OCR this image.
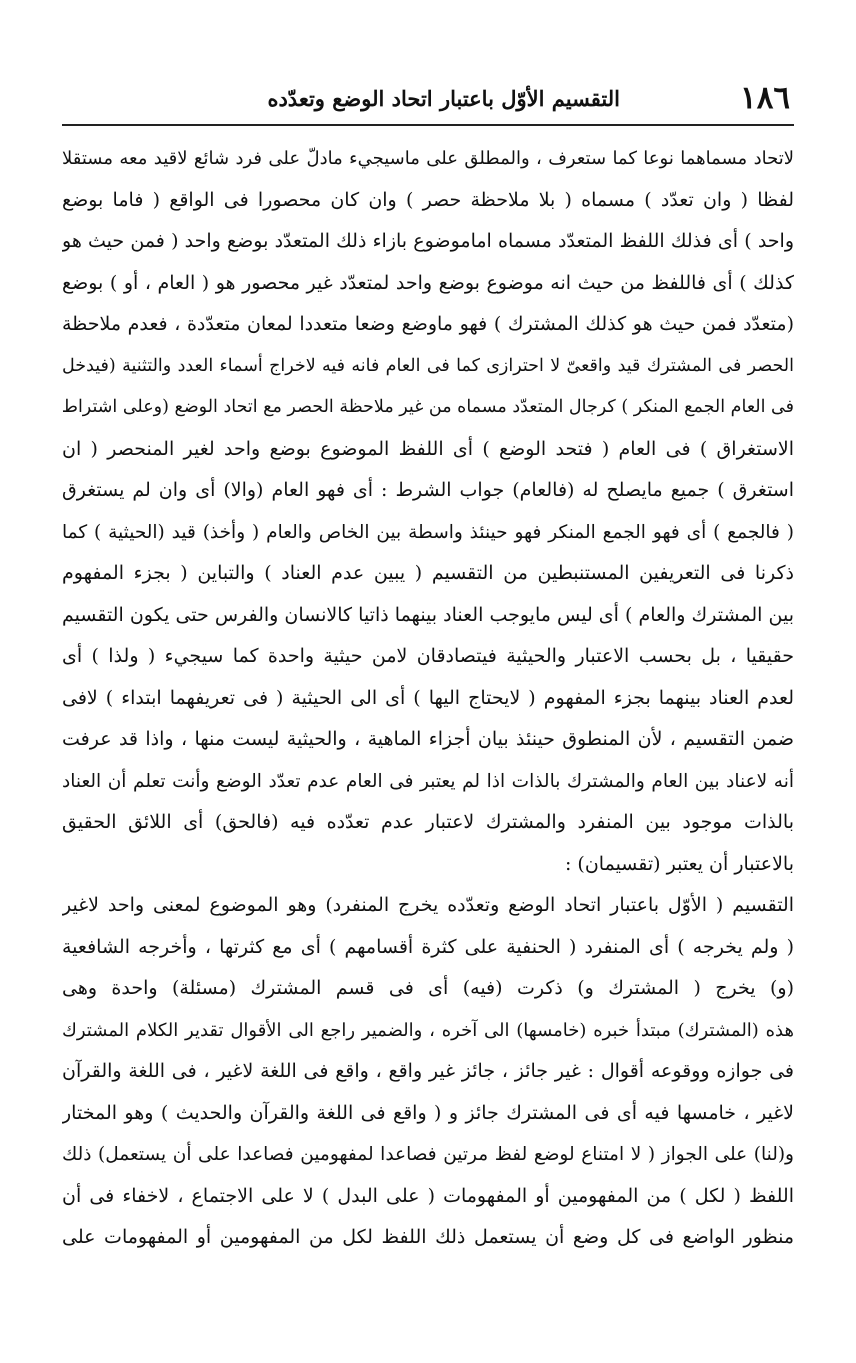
١٨٦
التقسيم الأوّل باعتبار اتحاد الوضع وتعدّده
لاتحاد مسماهما نوعا كما ستعرف ، والمطلق على ماسيجيء مادلّ على فرد شائع لاقيد معه مستقلا
لفظا ( وان تعدّد ) مسماه ( بلا ملاحظة حصر ) وان كان محصورا فى الواقع ( فاما بوضع
واحد ) أى فذلك اللفظ المتعدّد مسماه اماموضوع بازاء ذلك المتعدّد بوضع واحد ( فمن حيث هو
كذلك ) أى فاللفظ من حيث انه موضوع بوضع واحد لمتعدّد غير محصور هو ( العام ، أو ) بوضع
(متعدّد فمن حيث هو كذلك المشترك ) فهو ماوضع وضعا متعددا لمعان متعدّدة ، فعدم ملاحظة
الحصر فى المشترك قيد واقعىّ لا احترازى كما فى العام فانه فيه لاخراج أسماء العدد والتثنية (فيدخل
فى العام الجمع المنكر ) كرجال المتعدّد مسماه من غير ملاحظة الحصر مع اتحاد الوضع (وعلى اشتراط
الاستغراق ) فى العام ( فتحد الوضع ) أى اللفظ الموضوع بوضع واحد لغير المنحصر ( ان
استغرق ) جميع مايصلح له (فالعام) جواب الشرط : أى فهو العام (والا) أى وان لم يستغرق
( فالجمع ) أى فهو الجمع المنكر فهو حينئذ واسطة بين الخاص والعام ( وأخذ) قيد (الحيثية ) كما
ذكرنا فى التعريفين المستنبطين من التقسيم ( يبين عدم العناد ) والتباين ( بجزء المفهوم
بين المشترك والعام ) أى ليس مايوجب العناد بينهما ذاتيا كالانسان والفرس حتى يكون التقسيم
حقيقيا ، بل بحسب الاعتبار والحيثية فيتصادقان لامن حيثية واحدة كما سيجيء ( ولذا ) أى
لعدم العناد بينهما بجزء المفهوم ( لايحتاج اليها ) أى الى الحيثية ( فى تعريفهما ابتداء ) لافى
ضمن التقسيم ، لأن المنطوق حينئذ بيان أجزاء الماهية ، والحيثية ليست منها ، واذا قد عرفت
أنه لاعناد بين العام والمشترك بالذات اذا لم يعتبر فى العام عدم تعدّد الوضع وأنت تعلم أن العناد
بالذات موجود بين المنفرد والمشترك لاعتبار عدم تعدّده فيه (فالحق) أى اللائق الحقيق
بالاعتبار أن يعتبر (تقسيمان) :
التقسيم ( الأوّل باعتبار اتحاد الوضع وتعدّده يخرج المنفرد) وهو الموضوع لمعنى واحد لاغير
( ولم يخرجه ) أى المنفرد ( الحنفية على كثرة أقسامهم ) أى مع كثرتها ، وأخرجه الشافعية
(و) يخرج ( المشترك و) ذكرت (فيه) أى فى قسم المشترك (مسئلة) واحدة وهى
هذه (المشترك) مبتدأ خبره (خامسها) الى آخره ، والضمير راجع الى الأقوال تقدير الكلام المشترك
فى جوازه ووقوعه أقوال : غير جائز ، جائز غير واقع ، واقع فى اللغة لاغير ، فى اللغة والقرآن
لاغير ، خامسها فيه أى فى المشترك جائز و ( واقع فى اللغة والقرآن والحديث ) وهو المختار
و(لنا) على الجواز ( لا امتناع لوضع لفظ مرتين فصاعدا لمفهومين فصاعدا على أن يستعمل) ذلك
اللفظ ( لكل ) من المفهومين أو المفهومات ( على البدل ) لا على الاجتماع ، لاخفاء فى أن
منظور الواضع فى كل وضع أن يستعمل ذلك اللفظ لكل من المفهومين أو المفهومات على
